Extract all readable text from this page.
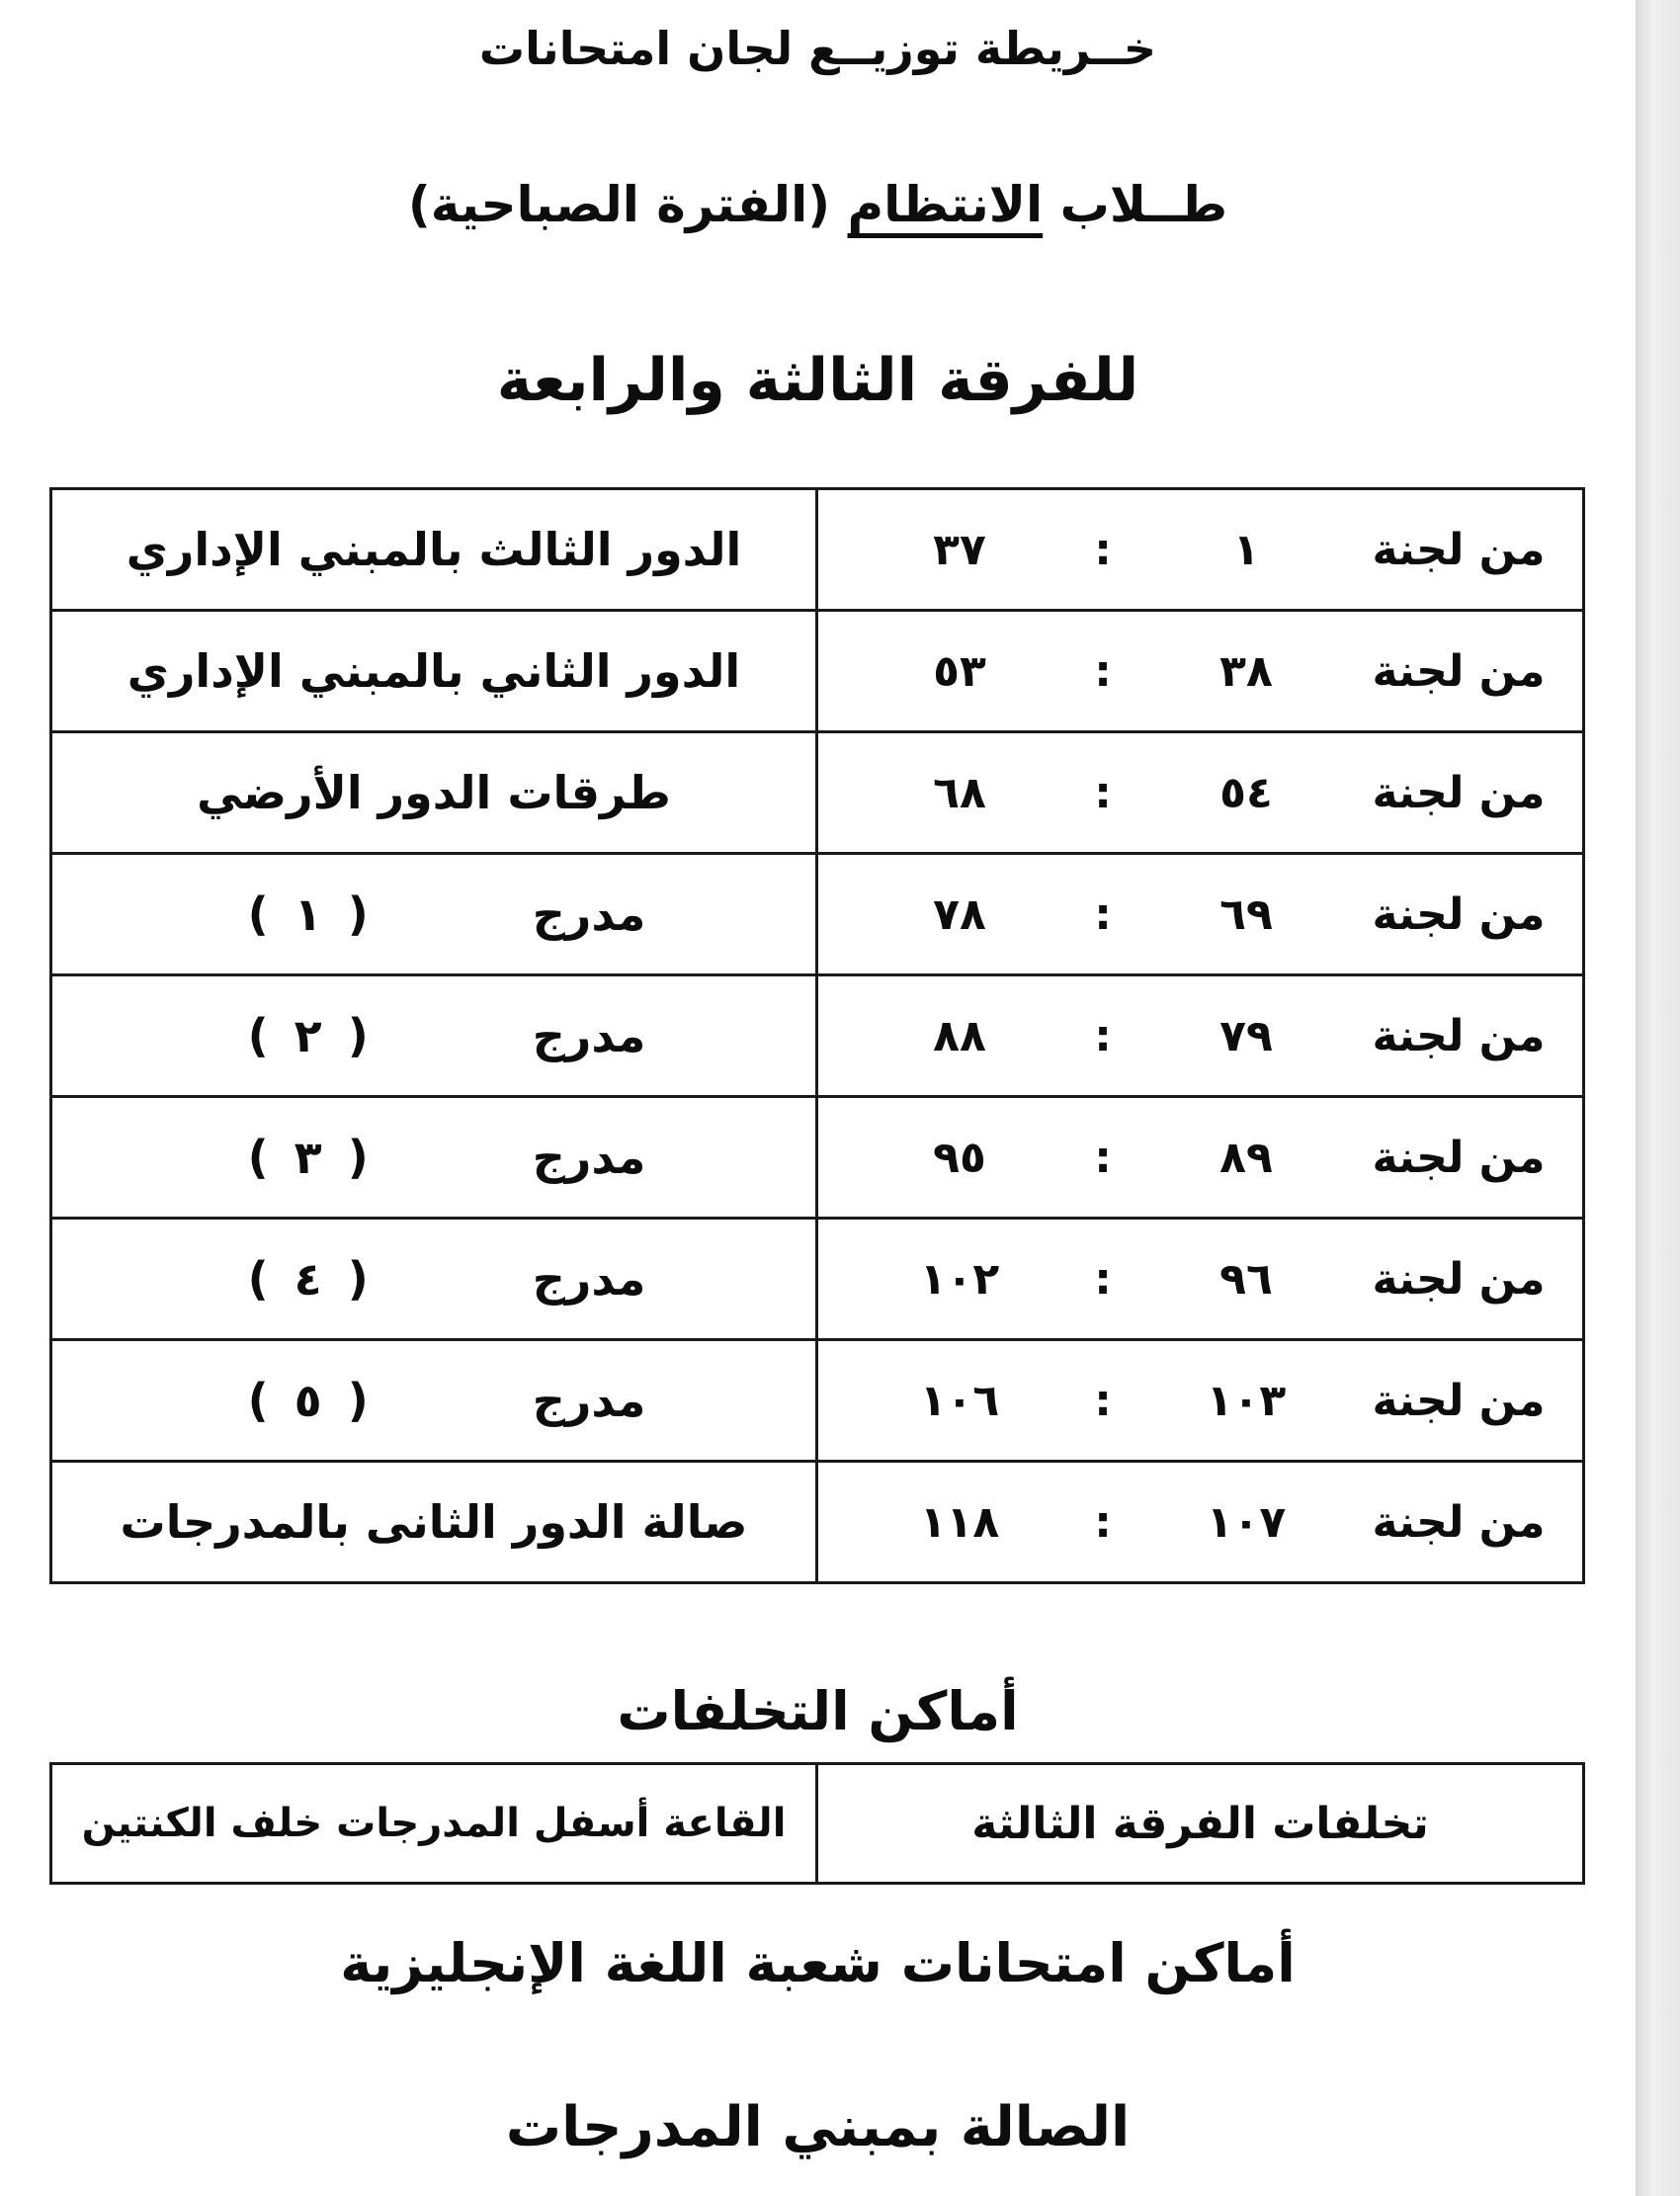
خــريطة توزيــع لجان امتحانات
طــلاب الانتظام (الفترة الصباحية)
للفرقة الثالثة والرابعة
من لجنة
١
:
٣٧	الدور الثالث بالمبني الإداري

من لجنة
٣٨
:
٥٣	الدور الثاني بالمبني الإداري

من لجنة
٥٤
:
٦٨	طرقات الدور الأرضي

من لجنة
٦٩
:
٧٨	مدرج(١)

من لجنة
٧٩
:
٨٨	مدرج(٢)

من لجنة
٨٩
:
٩٥	مدرج(٣)

من لجنة
٩٦
:
١٠٢	مدرج(٤)

من لجنة
١٠٣
:
١٠٦	مدرج(٥)

من لجنة
١٠٧
:
١١٨	صالة الدور الثانى بالمدرجات
أماكن التخلفات
تخلفات الفرقة الثالثة	القاعة أسفل المدرجات خلف الكنتين
أماكن امتحانات شعبة اللغة الإنجليزية
الصالة بمبني المدرجات
